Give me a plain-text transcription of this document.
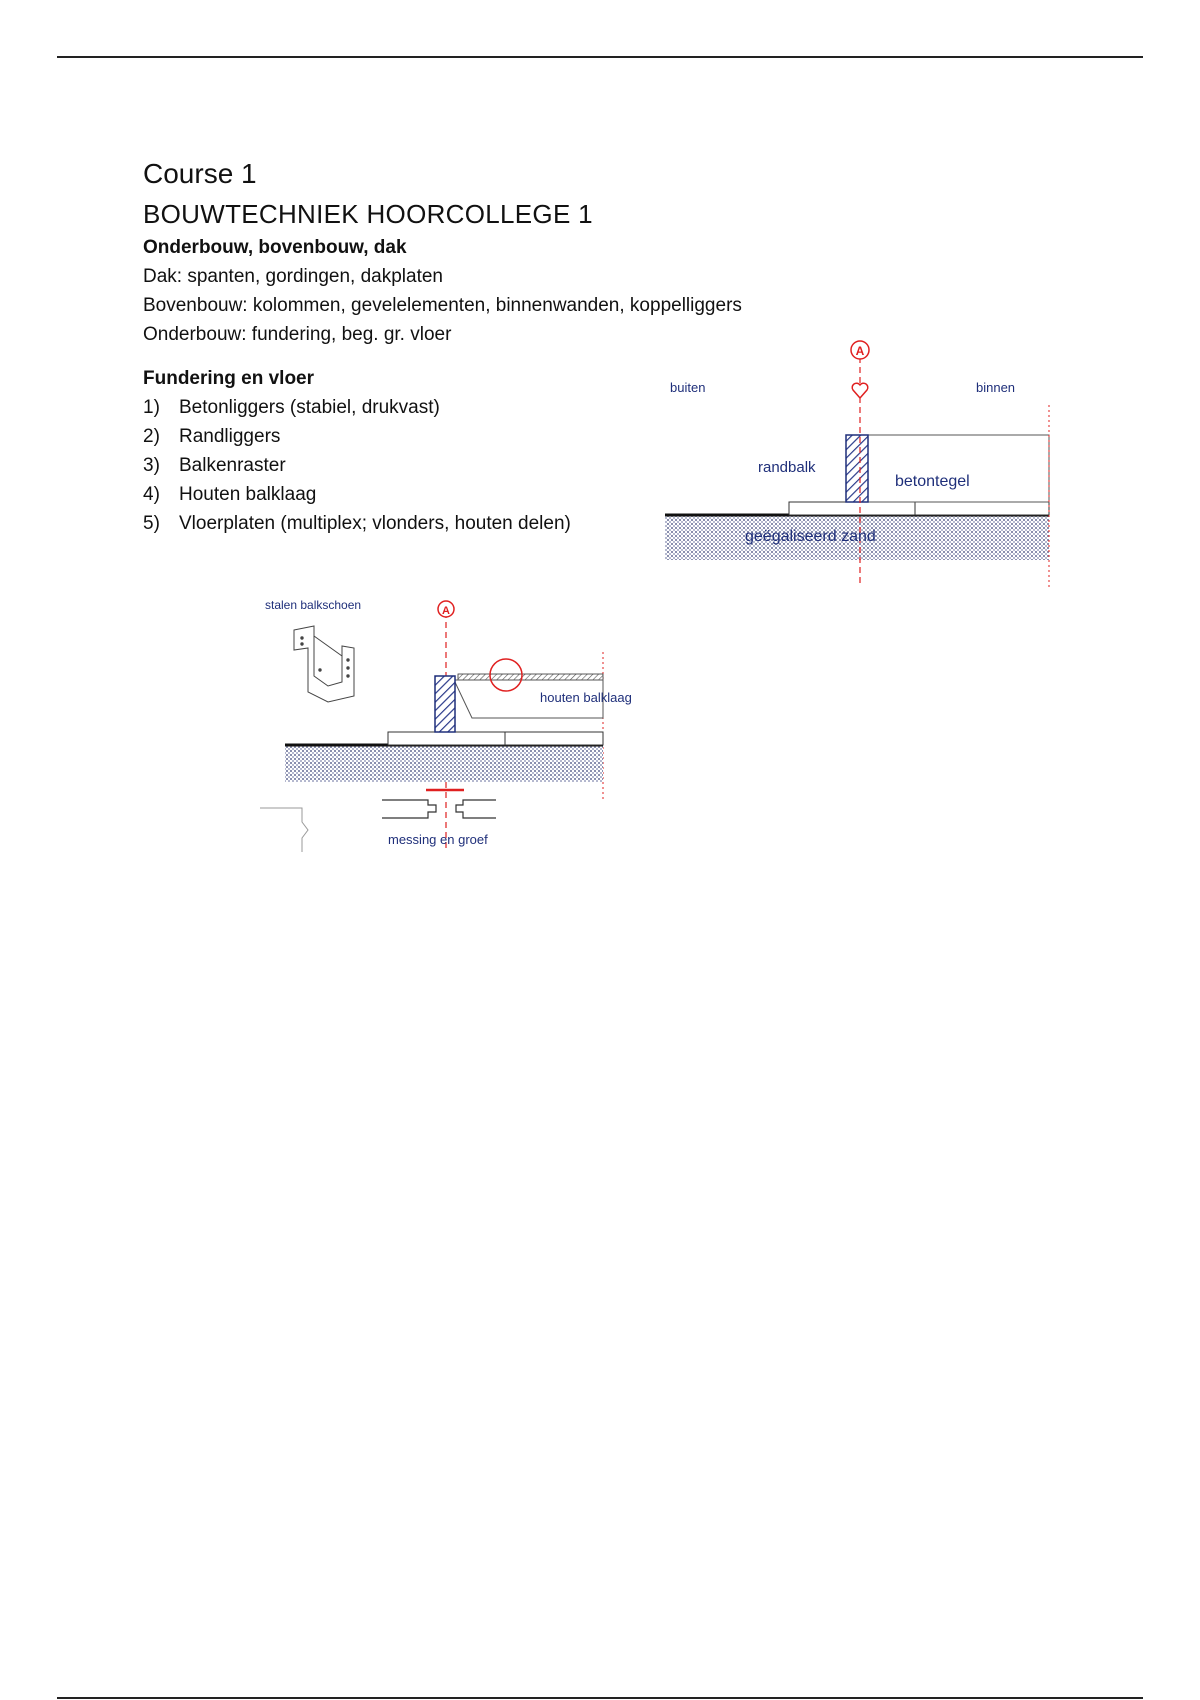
Course 1

BOUWTECHNIEK HOORCOLLEGE 1

Onderbouw, bovenbouw, dak

Dak: spanten, gordingen, dakplaten

Bovenbouw: kolommen, gevelelementen, binnenwanden, koppelliggers

Onderbouw: fundering, beg. gr. vloer

Fundering en vloer

1)	Betonliggers (stabiel, drukvast)
2)	Randliggers
3)	Balkenraster
4)	Houten balklaag
5)	Vloerplaten (multiplex; vlonders, houten delen)
A
buiten	binnen
randbalk
betontegel
geëgaliseerd zand
stalen balkschoen	A
houten balklaag
messing en groef
